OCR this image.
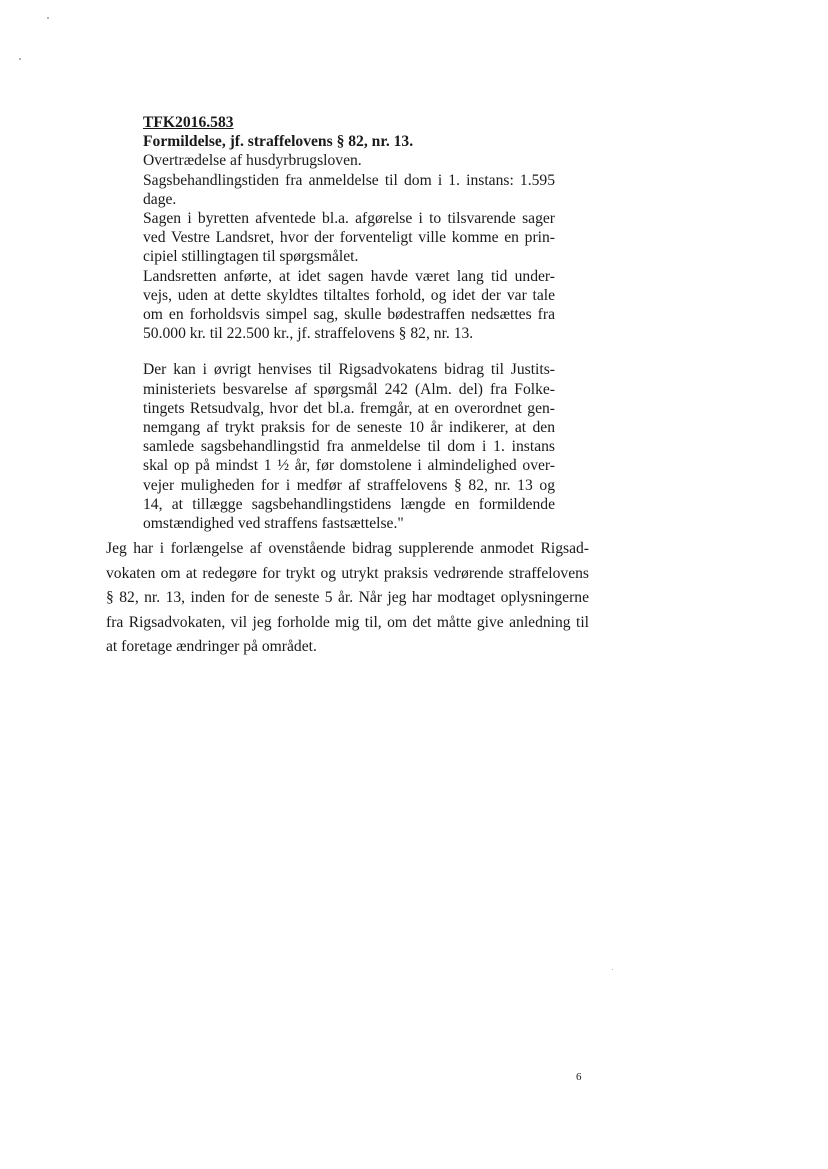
TFK2016.583
Formildelse, jf. straffelovens § 82, nr. 13.
Overtrædelse af husdyrbrugsloven.
Sagsbehandlingstiden fra anmeldelse til dom i 1. instans: 1.595
dage.
Sagen i byretten afventede bl.a. afgørelse i to tilsvarende sager
ved Vestre Landsret, hvor der forventeligt ville komme en prin-
cipiel stillingtagen til spørgsmålet.
Landsretten anførte, at idet sagen havde været lang tid under-
vejs, uden at dette skyldtes tiltaltes forhold, og idet der var tale
om en forholdsvis simpel sag, skulle bødestraffen nedsættes fra
50.000 kr. til 22.500 kr., jf. straffelovens § 82, nr. 13.
Der kan i øvrigt henvises til Rigsadvokatens bidrag til Justits-
ministeriets besvarelse af spørgsmål 242 (Alm. del) fra Folke-
tingets Retsudvalg, hvor det bl.a. fremgår, at en overordnet gen-
nemgang af trykt praksis for de seneste 10 år indikerer, at den
samlede sagsbehandlingstid fra anmeldelse til dom i 1. instans
skal op på mindst 1 ½ år, før domstolene i almindelighed over-
vejer muligheden for i medfør af straffelovens § 82, nr. 13 og
14, at tillægge sagsbehandlingstidens længde en formildende
omstændighed ved straffens fastsættelse."
Jeg har i forlængelse af ovenstående bidrag supplerende anmodet Rigsad-
vokaten om at redegøre for trykt og utrykt praksis vedrørende straffelovens
§ 82, nr. 13, inden for de seneste 5 år. Når jeg har modtaget oplysningerne
fra Rigsadvokaten, vil jeg forholde mig til, om det måtte give anledning til
at foretage ændringer på området.
6
